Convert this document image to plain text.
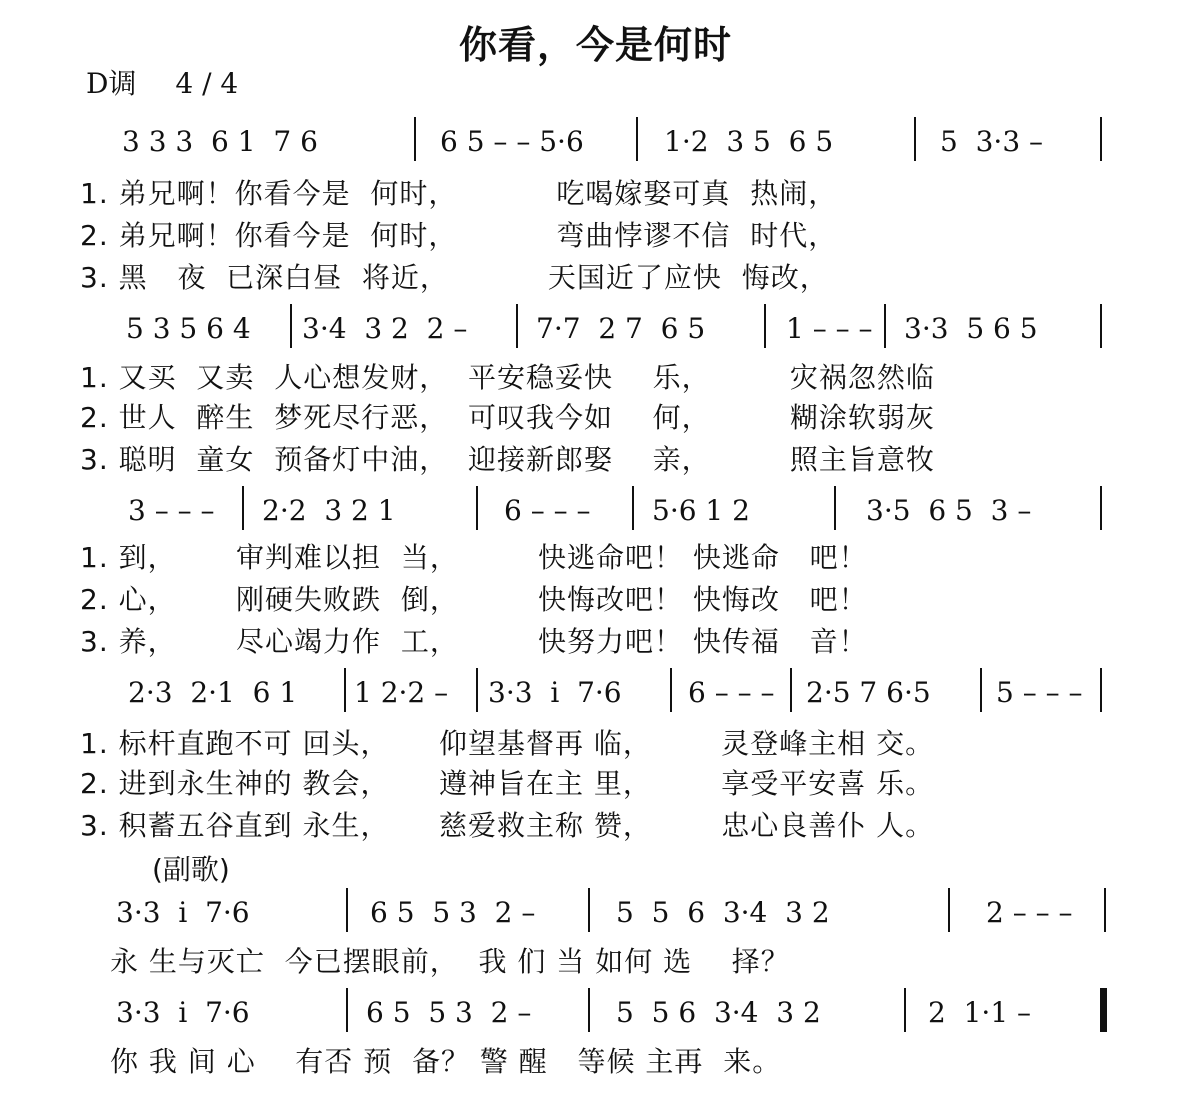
你看，今是何时
D调 4 / 4
3 3 3  6 1  7 6	6 5 – – 5·6	1·2  3 5  6 5	5  3·3 –
1. 弟兄啊！你看今是  何时，          吃喝嫁娶可真  热闹，
2. 弟兄啊！你看今是  何时，          弯曲悖谬不信  时代，
3. 黑   夜  已深白昼  将近，          天国近了应快  悔改，
5 3 5 6 4 3·4  3 2  2 – 7·7  2 7  6 5	1 – – – 3·3  5 6 5
1. 又买  又卖  人心想发财，  平安稳妥快    乐，        灾祸忽然临
2. 世人  醉生  梦死尽行恶，  可叹我今如    何，        糊涂软弱灰
3. 聪明  童女  预备灯中油，  迎接新郎娶    亲，        照主旨意牧
3 – – – 2·2  3 2 1	6 – – – 5·6 1 2	3·5  6 5  3 –
1. 到，      审判难以担  当，        快逃命吧！ 快逃命   吧！
2. 心，      刚硬失败跌  倒，        快悔改吧！ 快悔改   吧！
3. 养，      尽心竭力作  工，        快努力吧！ 快传福   音！
2·3  2·1  6 1 1 2·2 – 3·3  i  7·6 6 – – – 2·5 7 6·5 5 – – –
1. 标杆直跑不可 回头，     仰望基督再 临，       灵登峰主相 交。
2. 进到永生神的 教会，     遵神旨在主 里，       享受平安喜 乐。
3. 积蓄五谷直到 永生，     慈爱救主称 赞，       忠心良善仆 人。
(副歌)
3·3  i  7·6	6 5  5 3  2 –	5  5  6  3·4  3 2	2 – – –
永 生与灭亡  今已摆眼前，  我 们 当 如何 选    择？
3·3  i  7·6	6 5  5 3  2 –	5  5 6  3·4  3 2	2  1·1 –
你 我 间 心    有否 预  备？ 警 醒   等候 主再  来。
